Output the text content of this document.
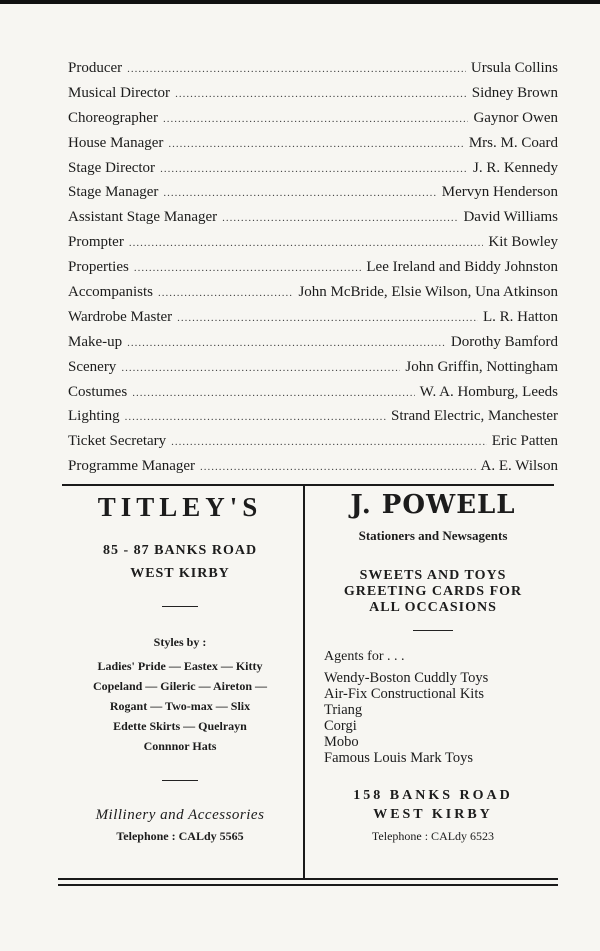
Producer .....	Ursula Collins
Musical Director .....	Sidney Brown
Choreographer .....	Gaynor Owen
House Manager .....	Mrs. M. Coard
Stage Director .....	J. R. Kennedy
Stage Manager .....	Mervyn Henderson
Assistant Stage Manager .....	David Williams
Prompter .....	Kit Bowley
Properties .....	Lee Ireland and Biddy Johnston
Accompanists .....	John McBride, Elsie Wilson, Una Atkinson
Wardrobe Master .....	L. R. Hatton
Make-up .....	Dorothy Bamford
Scenery .....	John Griffin, Nottingham
Costumes .....	W. A. Homburg, Leeds
Lighting .....	Strand Electric, Manchester
Ticket Secretary .....	Eric Patten
Programme Manager .....	A. E. Wilson
TITLEY'S
85 - 87 BANKS ROAD
WEST KIRBY
Styles by :
Ladies' Pride — Eastex — Kitty
Copeland — Gileric — Aireton —
Rogant — Two-max — Slix
Edette Skirts — Quelrayn
Connnor Hats
Millinery and Accessories
Telephone : CALdy 5565
J. POWELL
Stationers and Newsagents
SWEETS AND TOYS
GREETING CARDS FOR
ALL OCCASIONS
Agents for . . .
Wendy-Boston Cuddly Toys
Air-Fix Constructional Kits
Triang
Corgi
Mobo
Famous Louis Mark Toys
158 BANKS ROAD
WEST KIRBY
Telephone : CALdy 6523
